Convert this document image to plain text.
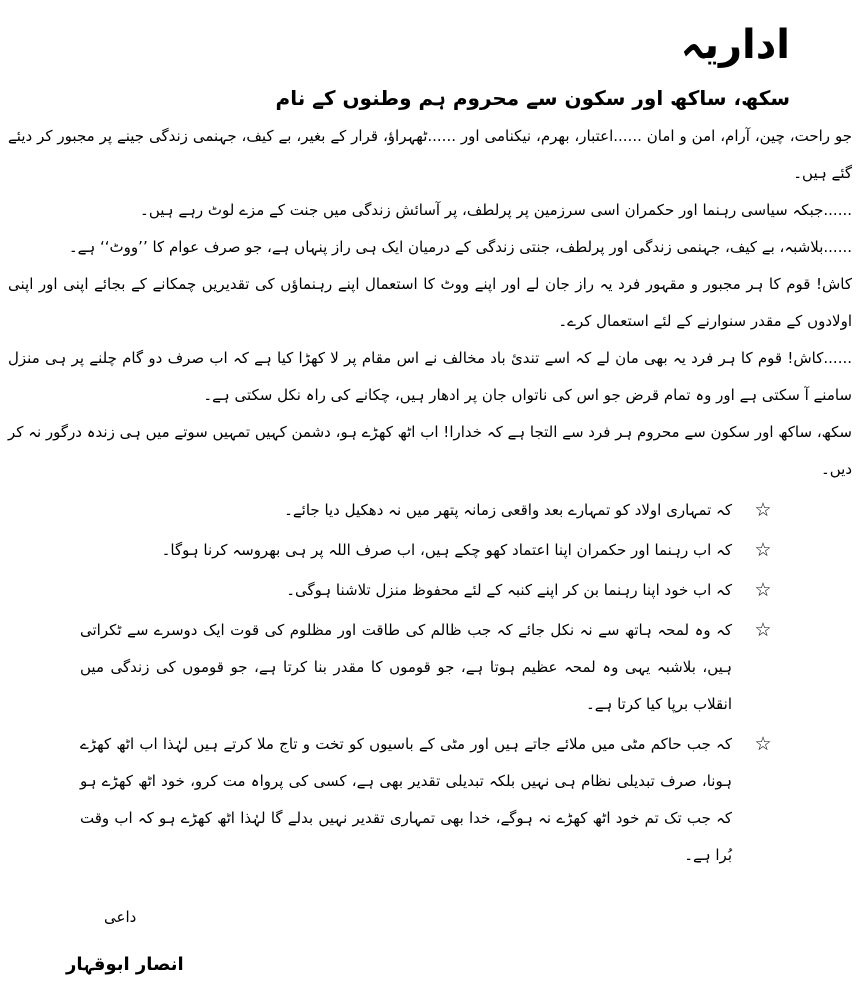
اداریہ
سکھ، ساکھ اور سکون سے محروم ہم وطنوں کے نام

جو راحت، چین، آرام، امن و امان ......اعتبار، بھرم، نیکنامی اور ......ٹھہراؤ، قرار کے بغیر، بے کیف، جہنمی زندگی جینے پر مجبور کر دیئے گئے ہیں۔

......جبکہ سیاسی رہنما اور حکمران اسی سرزمین پر پرلطف، پر آسائش زندگی میں جنت کے مزے لوٹ رہے ہیں۔

......بلاشبہ، بے کیف، جہنمی زندگی اور پرلطف، جنتی زندگی کے درمیان ایک ہی راز پنہاں ہے، جو صرف عوام کا ’’ووٹ‘‘ ہے۔

کاش! قوم کا ہر مجبور و مقہور فرد یہ راز جان لے اور اپنے ووٹ کا استعمال اپنے رہنماؤں کی تقدیریں چمکانے کے بجائے اپنی اور اپنی اولادوں کے مقدر سنوارنے کے لئے استعمال کرے۔

......کاش! قوم کا ہر فرد یہ بھی مان لے کہ اسے تندیٔ باد مخالف نے اس مقام پر لا کھڑا کیا ہے کہ اب صرف دو گام چلنے پر ہی منزل سامنے آ سکتی ہے اور وہ تمام قرض جو اس کی ناتواں جان پر ادھار ہیں، چکانے کی راہ نکل سکتی ہے۔

سکھ، ساکھ اور سکون سے محروم ہر فرد سے التجا ہے کہ خدارا! اب اٹھ کھڑے ہو، دشمن کہیں تمہیں سوتے میں ہی زندہ درگور نہ کر دیں۔

☆
کہ تمہاری اولاد کو تمہارے بعد واقعی زمانہ پتھر میں نہ دھکیل دیا جائے۔
☆
کہ اب رہنما اور حکمران اپنا اعتماد کھو چکے ہیں، اب صرف اللہ پر ہی بھروسہ کرنا ہوگا۔
☆
کہ اب خود اپنا رہنما بن کر اپنے کنبہ کے لئے محفوظ منزل تلاشنا ہوگی۔
☆
کہ وہ لمحہ ہاتھ سے نہ نکل جائے کہ جب ظالم کی طاقت اور مظلوم کی قوت ایک دوسرے سے ٹکراتی ہیں، بلاشبہ یہی وہ لمحہ عظیم ہوتا ہے، جو قوموں کا مقدر بنا کرتا ہے، جو قوموں کی زندگی میں انقلاب برپا کیا کرتا ہے۔
☆
کہ جب حاکم مٹی میں ملائے جاتے ہیں اور مٹی کے باسیوں کو تخت و تاج ملا کرتے ہیں لہٰذا اب اٹھ کھڑے ہونا، صرف تبدیلی نظام ہی نہیں بلکہ تبدیلی تقدیر بھی ہے، کسی کی پرواہ مت کرو، خود اٹھ کھڑے ہو کہ جب تک تم خود اٹھ کھڑے نہ ہوگے، خدا بھی تمہاری تقدیر نہیں بدلے گا لہٰذا اٹھ کھڑے ہو کہ اب وقت بُرا ہے۔
داعی
انصار ابوقہار
